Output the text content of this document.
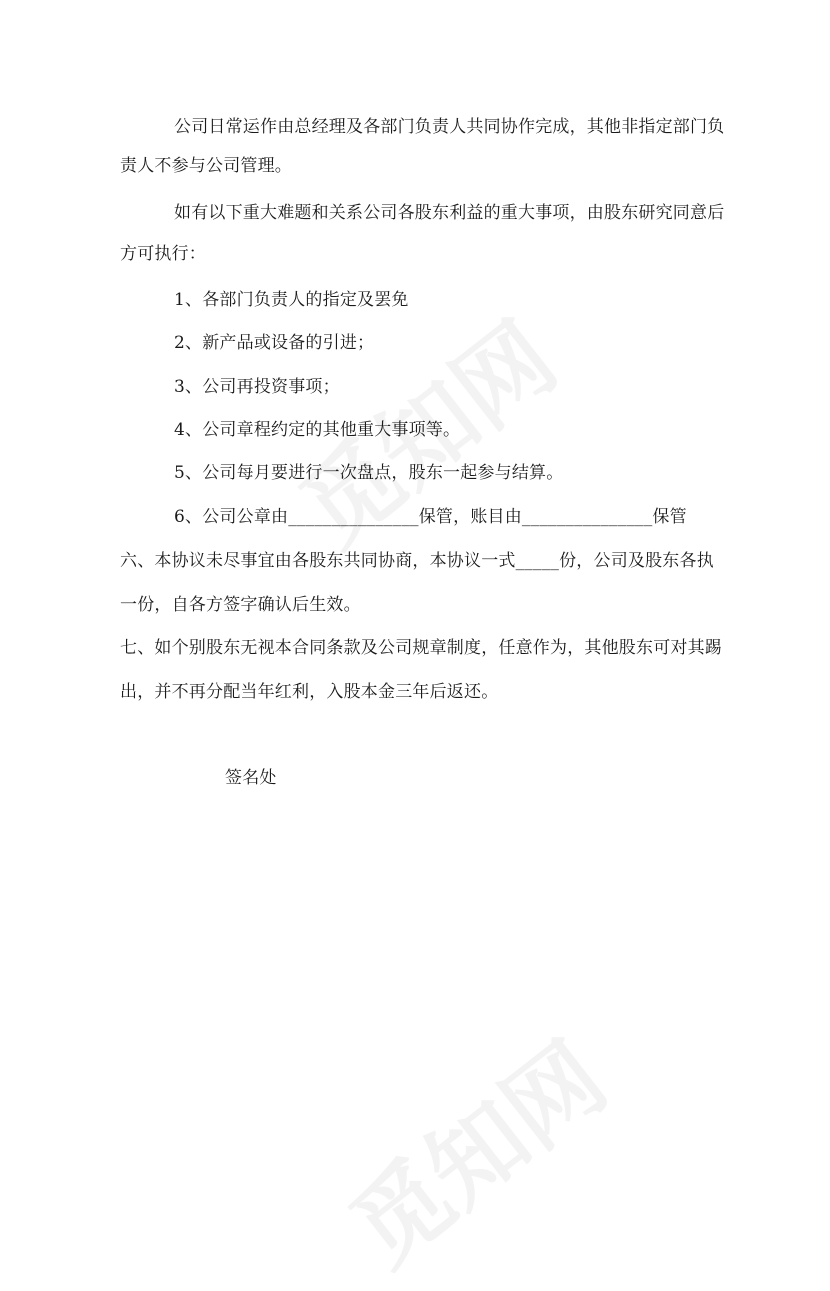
公司日常运作由总经理及各部门负责人共同协作完成，其他非指定部门负
责人不参与公司管理。
如有以下重大难题和关系公司各股东利益的重大事项，由股东研究同意后
方可执行：
1、各部门负责人的指定及罢免
2、新产品或设备的引进；
3、公司再投资事项；
4、公司章程约定的其他重大事项等。
5、公司每月要进行一次盘点，股东一起参与结算。
6、公司公章由_______________保管，账目由_______________保管
六、本协议未尽事宜由各股东共同协商，本协议一式_____份，公司及股东各执
一份，自各方签字确认后生效。
七、如个别股东无视本合同条款及公司规章制度，任意作为，其他股东可对其踢
出，并不再分配当年红利，入股本金三年后返还。
签名处
